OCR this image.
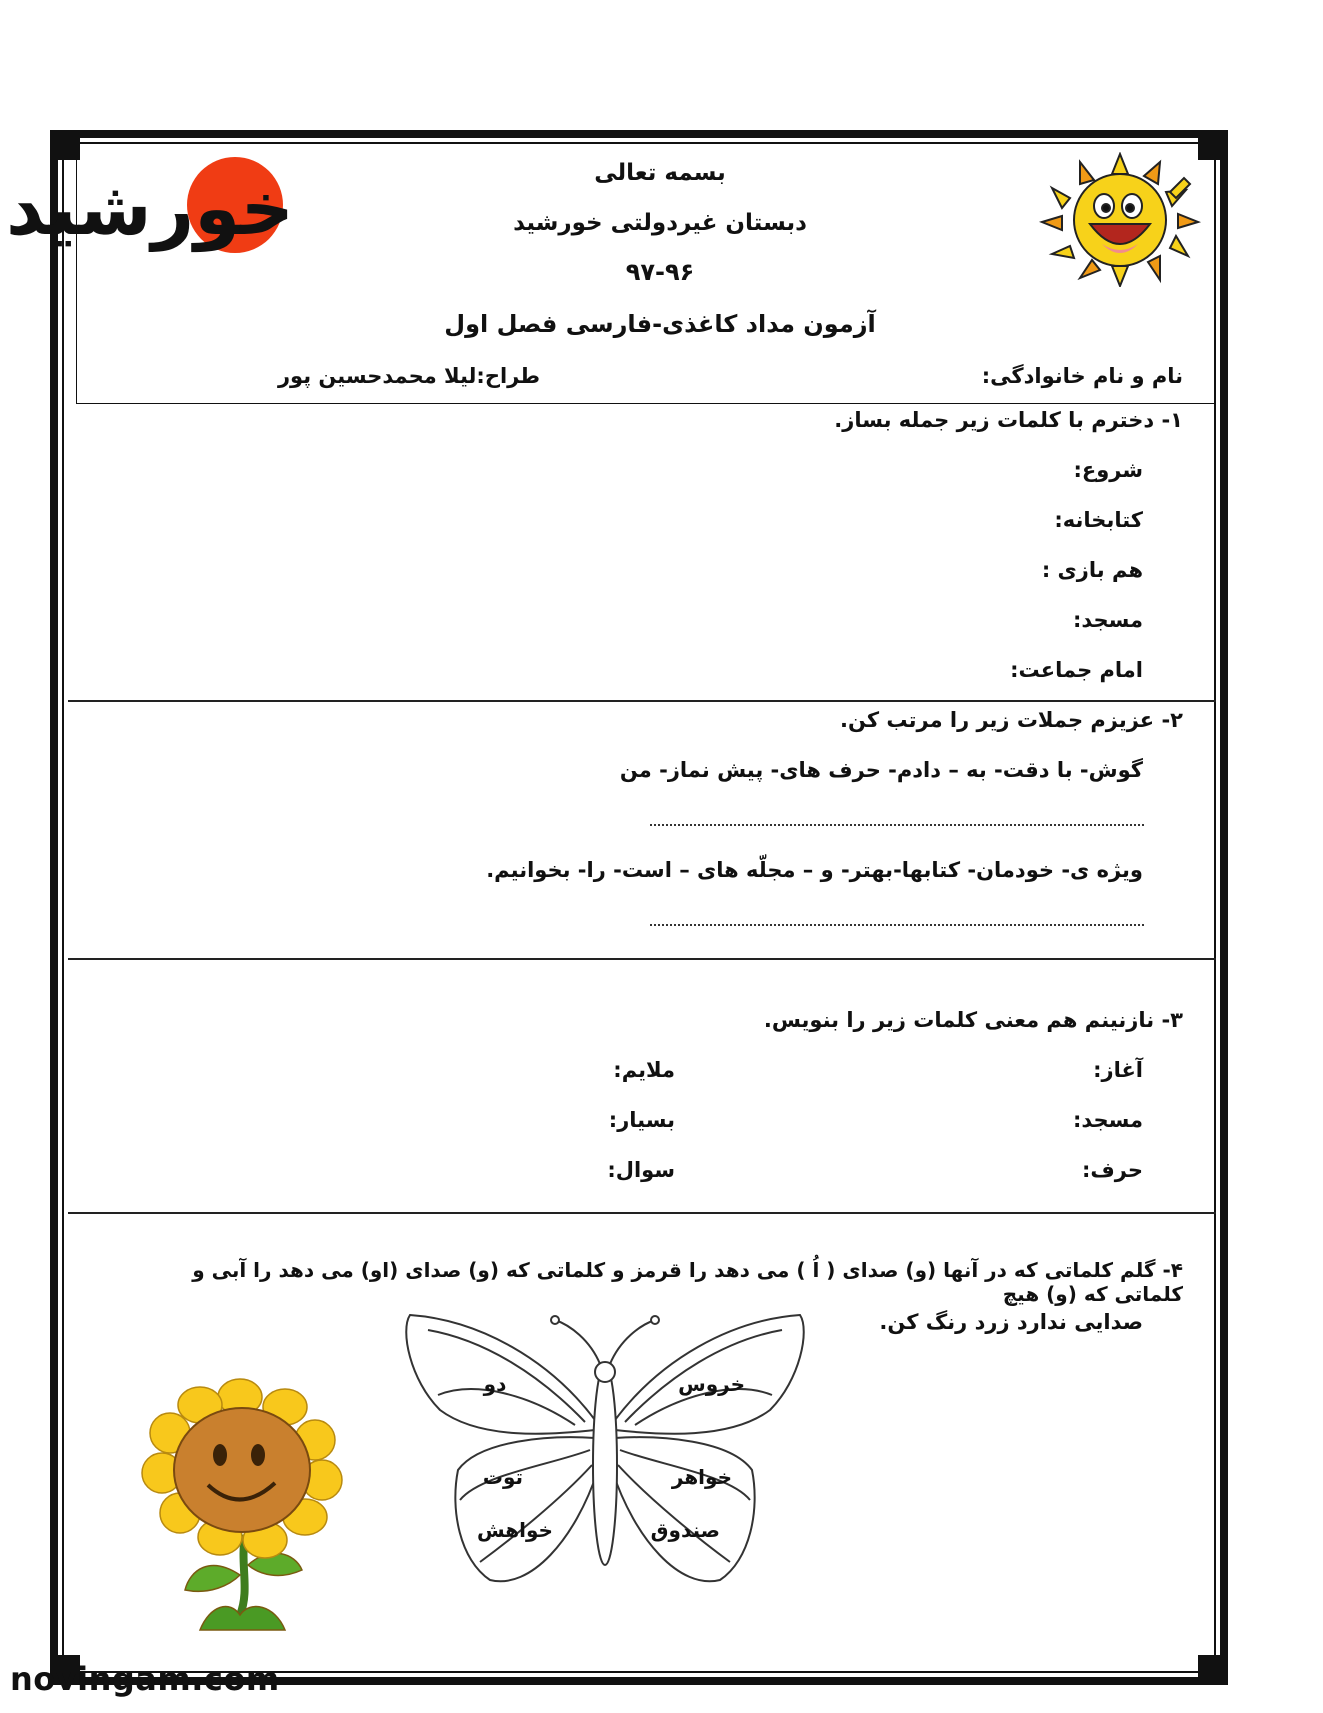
خورشید	بسمه تعالی
دبستان غیردولتی خورشید
۹۷-۹۶
آزمون مداد کاغذی-فارسی فصل اول
نام و نام خانوادگی:
طراح:لیلا محمدحسین پور
۱- دخترم با کلمات زیر جمله بساز.
شروع:
کتابخانه:
هم بازی :
مسجد:
امام جماعت:
۲- عزیزم جملات زیر را مرتب کن.
گوش- با دقت- به – دادم- حرف های- پیش نماز- من
ویژه ی- خودمان- کتابها-بهتر- و – مجلّه های – است- را- بخوانیم.
۳- نازنینم هم معنی کلمات زیر را بنویس.
آغاز:
مسجد:
حرف:
ملایم:
بسیار:
سوال:
۴- گلم کلماتی که در آنها (و) صدای ( اُ ) می دهد را قرمز و کلماتی که (و) صدای (او) می دهد را آبی و کلماتی که (و) هیچ
صدایی ندارد زرد رنگ کن.
خروس
دو
خواهر
توت
صندوق
خواهش
novingam.com
